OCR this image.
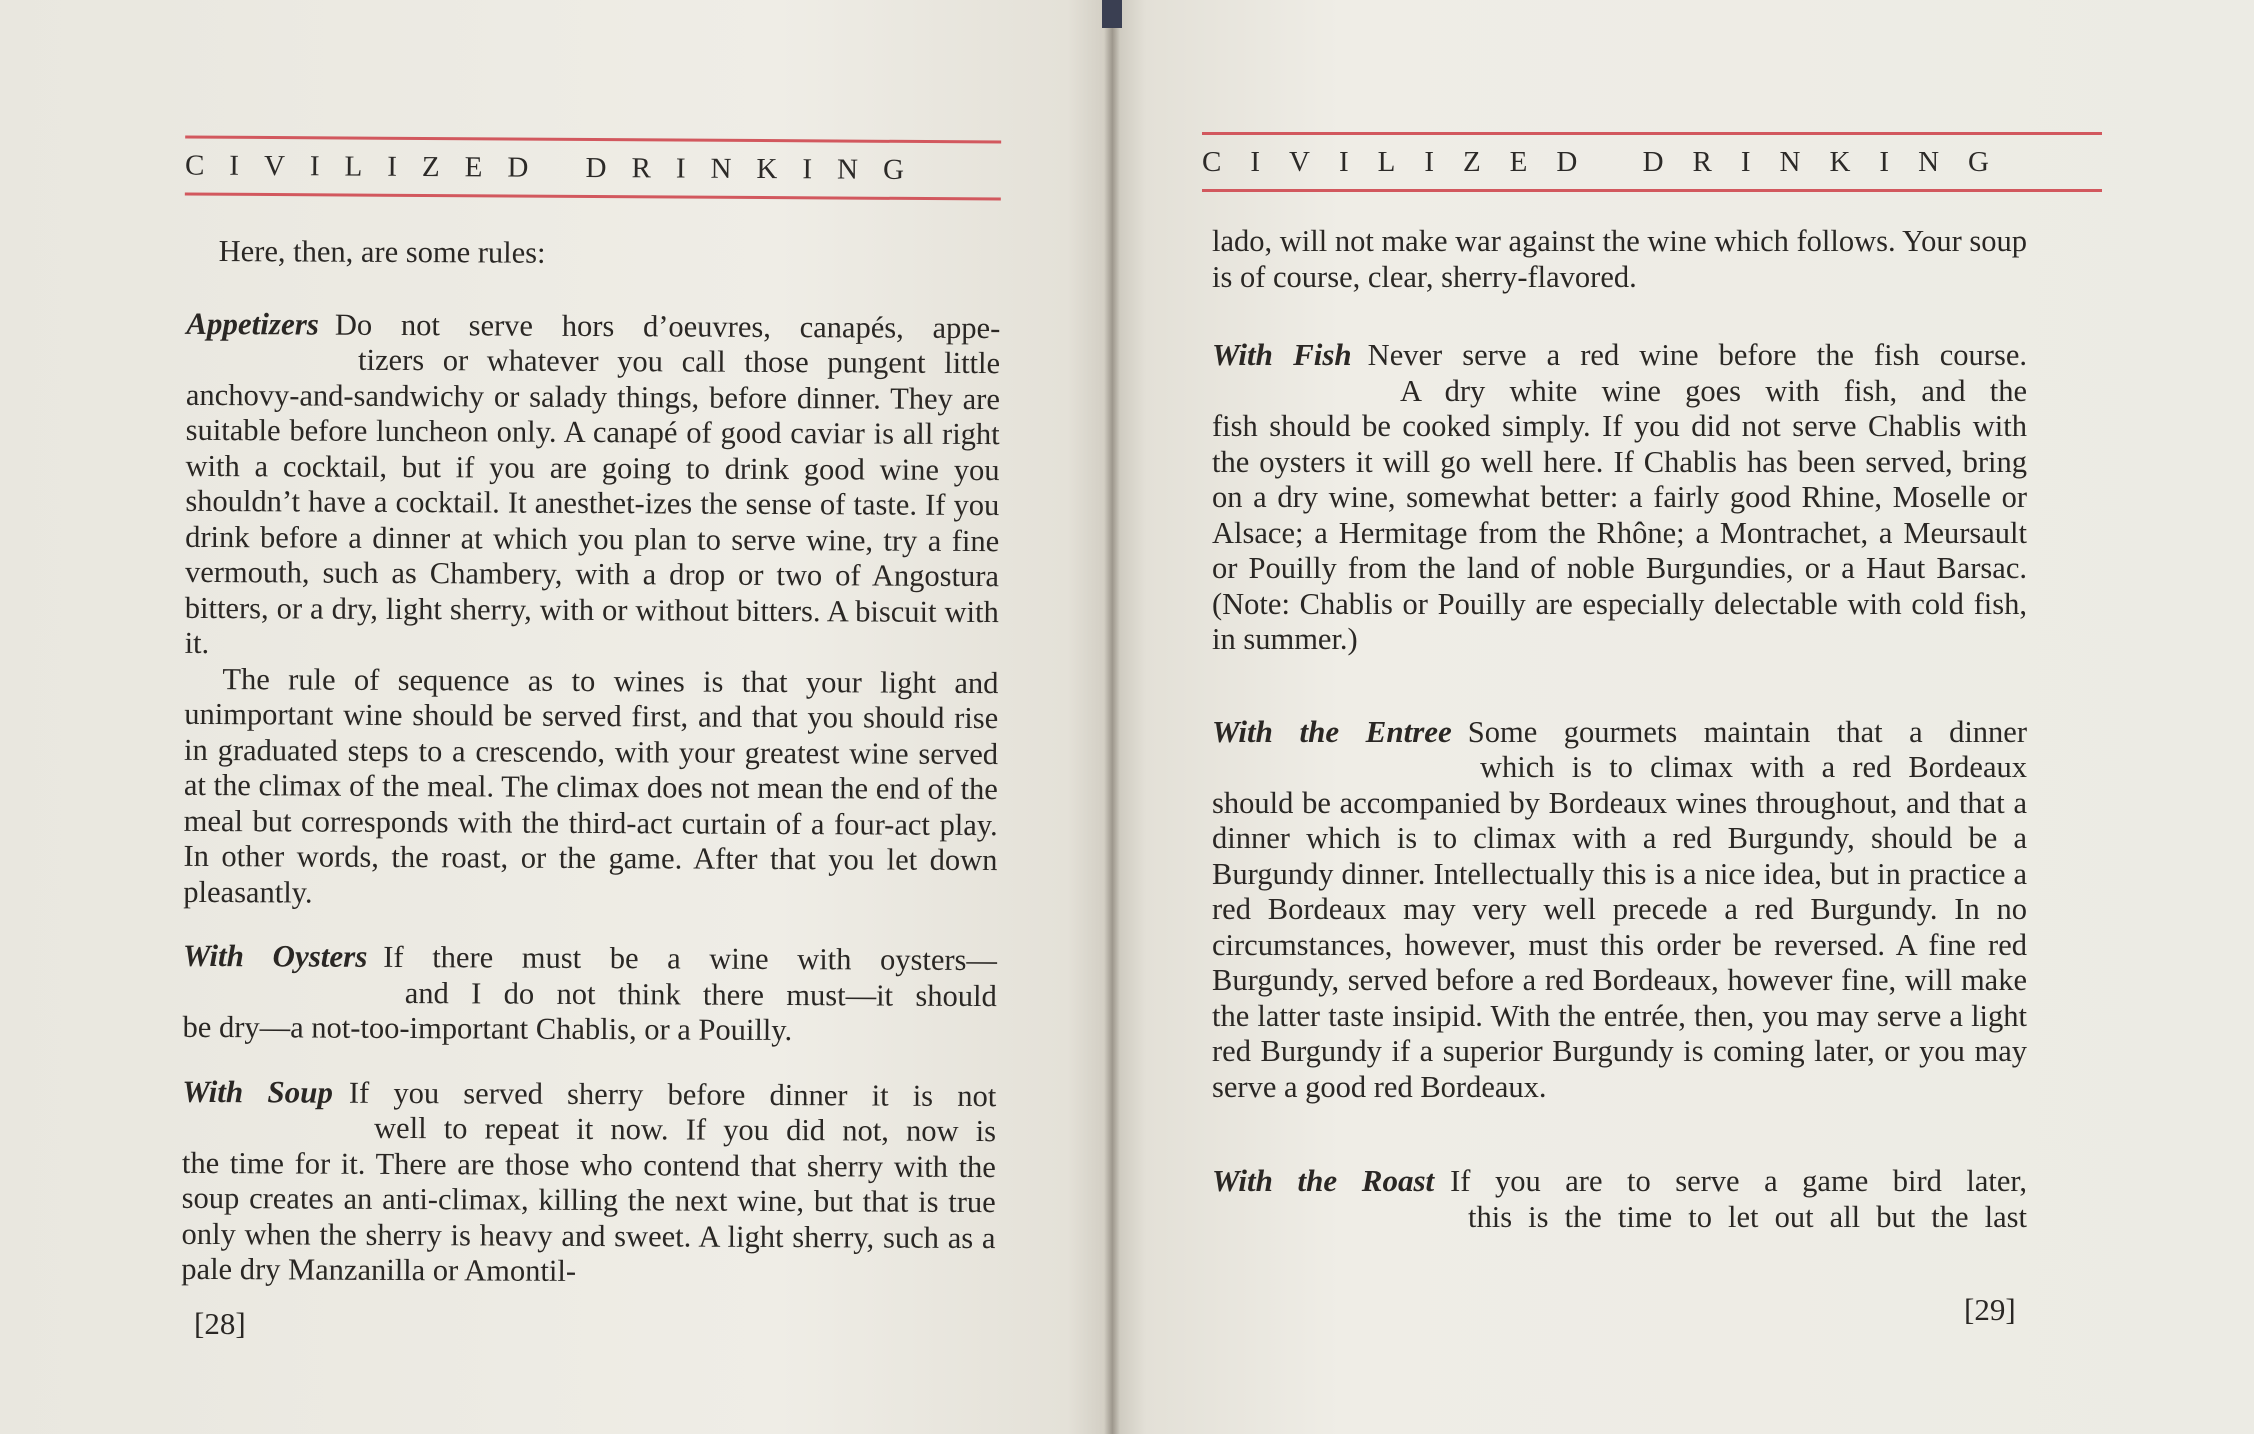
CIVILIZED DRINKING

Here, then, are some rules:

Appetizers Do not serve hors d’oeuvres, canapés, appe-
tizers or whatever you call those pungent little
anchovy-and-sandwichy or salady things, before dinner. They are suitable before luncheon only. A canapé of good caviar is all right with a cocktail, but if you are going to drink good wine you shouldn’t have a cocktail. It anesthet-izes the sense of taste. If you drink before a dinner at which you plan to serve wine, try a fine vermouth, such as Chambery, with a drop or two of Angostura bitters, or a dry, light sherry, with or without bitters. A biscuit with it.
The rule of sequence as to wines is that your light and unimportant wine should be served first, and that you should rise in graduated steps to a crescendo, with your greatest wine served at the climax of the meal. The climax does not mean the end of the meal but corresponds with the third-act curtain of a four-act play. In other words, the roast, or the game. After that you let down pleasantly.
With Oysters If there must be a wine with oysters—
and I do not think there must—it should
be dry—a not-too-important Chablis, or a Pouilly.
With Soup If you served sherry before dinner it is not
well to repeat it now. If you did not, now is
the time for it. There are those who contend that sherry with the soup creates an anti-climax, killing the next wine, but that is true only when the sherry is heavy and sweet. A light sherry, such as a pale dry Manzanilla or Amontil-
[28]
CIVILIZED DRINKING

lado, will not make war against the wine which follows. Your soup is of course, clear, sherry-flavored.

With Fish Never serve a red wine before the fish course.
A dry white wine goes with fish, and the
fish should be cooked simply. If you did not serve Chablis with the oysters it will go well here. If Chablis has been served, bring on a dry wine, somewhat better: a fairly good Rhine, Moselle or Alsace; a Hermitage from the Rhône; a Montrachet, a Meursault or Pouilly from the land of noble Burgundies, or a Haut Barsac. (Note: Chablis or Pouilly are especially delectable with cold fish, in summer.)
With the Entree Some gourmets maintain that a dinner
which is to climax with a red Bordeaux
should be accompanied by Bordeaux wines throughout, and that a dinner which is to climax with a red Burgundy, should be a Burgundy dinner. Intellectually this is a nice idea, but in practice a red Bordeaux may very well precede a red Burgundy. In no circumstances, however, must this order be reversed. A fine red Burgundy, served before a red Bordeaux, however fine, will make the latter taste insipid. With the entrée, then, you may serve a light red Burgundy if a superior Burgundy is coming later, or you may serve a good red Bordeaux.
With the Roast If you are to serve a game bird later,
this is the time to let out all but the last
[29]
